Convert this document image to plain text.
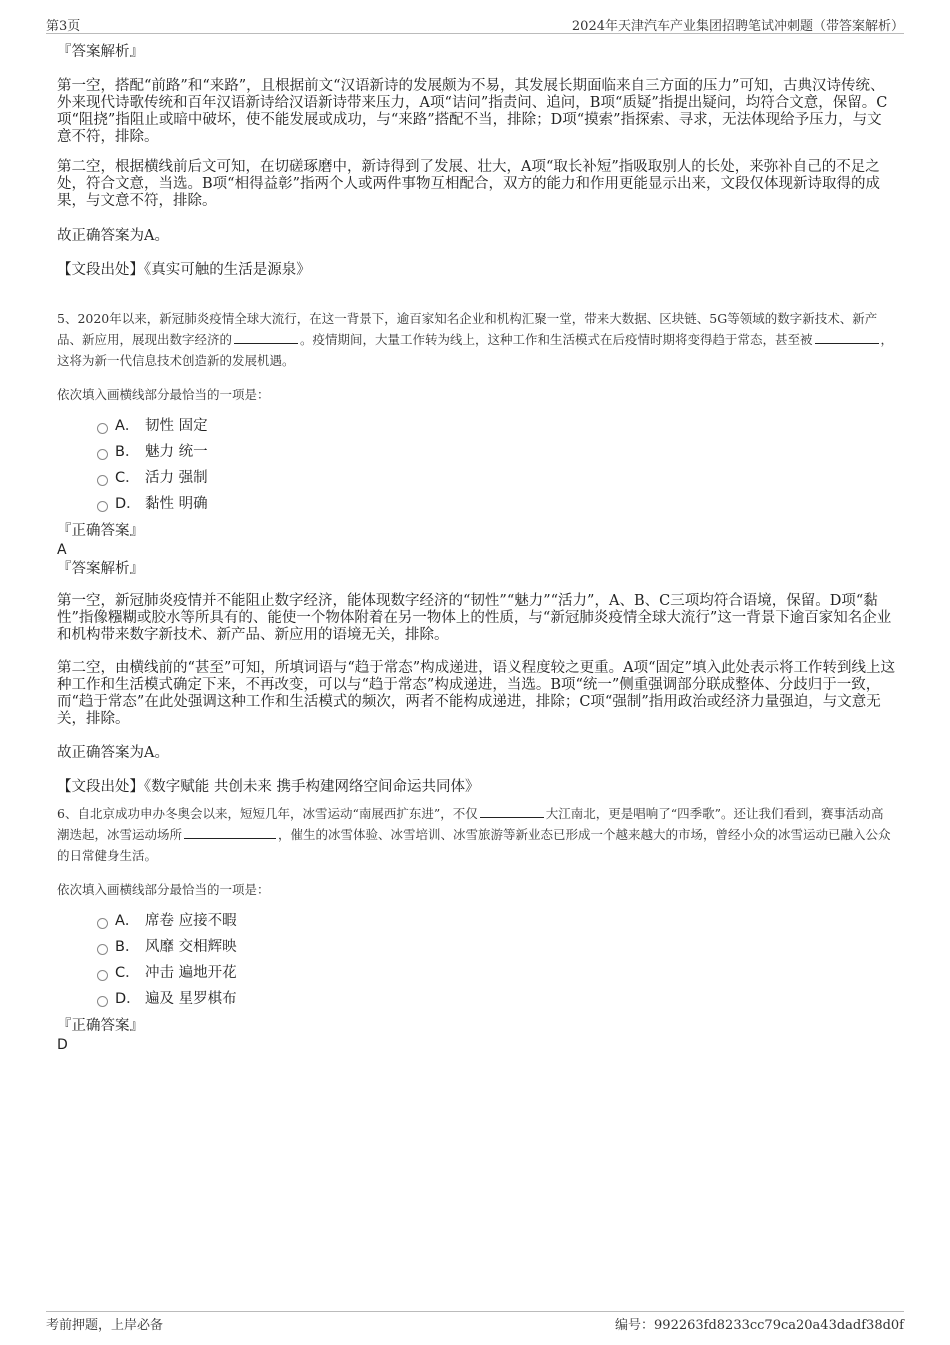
第3页	2024年天津汽车产业集团招聘笔试冲刺题（带答案解析）

『答案解析』

第一空，搭配“前路”和“来路”，且根据前文“汉语新诗的发展颇为不易，其发展长期面临来自三方面的压力”可知，古典汉诗传统、外来现代诗歌传统和百年汉语新诗给汉语新诗带来压力，A项“诘问”指责问、追问，B项“质疑”指提出疑问，均符合文意，保留。C项“阻挠”指阻止或暗中破坏，使不能发展或成功，与“来路”搭配不当，排除；D项“摸索”指探索、寻求，无法体现给予压力，与文意不符，排除。

第二空，根据横线前后文可知，在切磋琢磨中，新诗得到了发展、壮大，A项“取长补短”指吸取别人的长处，来弥补自己的不足之处，符合文意，当选。B项“相得益彰”指两个人或两件事物互相配合，双方的能力和作用更能显示出来，文段仅体现新诗取得的成果，与文意不符，排除。

故正确答案为A。

【文段出处】《真实可触的生活是源泉》

5、2020年以来，新冠肺炎疫情全球大流行，在这一背景下，逾百家知名企业和机构汇聚一堂，带来大数据、区块链、5G等领域的数字新技术、新产品、新应用，展现出数字经济的	。疫情期间，大量工作转为线上，这种工作和生活模式在后疫情时期将变得趋于常态，甚至被	，这将为新一代信息技术创造新的发展机遇。

依次填入画横线部分最恰当的一项是：

A． 韧性 固定
B． 魅力 统一
C． 活力 强制
D． 黏性 明确

『正确答案』

A

『答案解析』

第一空，新冠肺炎疫情并不能阻止数字经济，能体现数字经济的“韧性”“魅力”“活力”，A、B、C三项均符合语境，保留。D项“黏性”指像糨糊或胶水等所具有的、能使一个物体附着在另一物体上的性质，与“新冠肺炎疫情全球大流行”这一背景下逾百家知名企业和机构带来数字新技术、新产品、新应用的语境无关，排除。

第二空，由横线前的“甚至”可知，所填词语与“趋于常态”构成递进，语义程度较之更重。A项“固定”填入此处表示将工作转到线上这种工作和生活模式确定下来，不再改变，可以与“趋于常态”构成递进，当选。B项“统一”侧重强调部分联成整体、分歧归于一致，而“趋于常态”在此处强调这种工作和生活模式的频次，两者不能构成递进，排除；C项“强制”指用政治或经济力量强迫，与文意无关，排除。

故正确答案为A。

【文段出处】《数字赋能 共创未来 携手构建网络空间命运共同体》

6、自北京成功申办冬奥会以来，短短几年，冰雪运动“南展西扩东进”，不仅	大江南北，更是唱响了“四季歌”。还让我们看到，赛事活动高潮迭起，冰雪运动场所	，催生的冰雪体验、冰雪培训、冰雪旅游等新业态已形成一个越来越大的市场，曾经小众的冰雪运动已融入公众的日常健身生活。

依次填入画横线部分最恰当的一项是：

A． 席卷 应接不暇
B． 风靡 交相辉映
C． 冲击 遍地开花
D． 遍及 星罗棋布

『正确答案』

D

考前押题，上岸必备	编号：992263fd8233cc79ca20a43dadf38d0f
